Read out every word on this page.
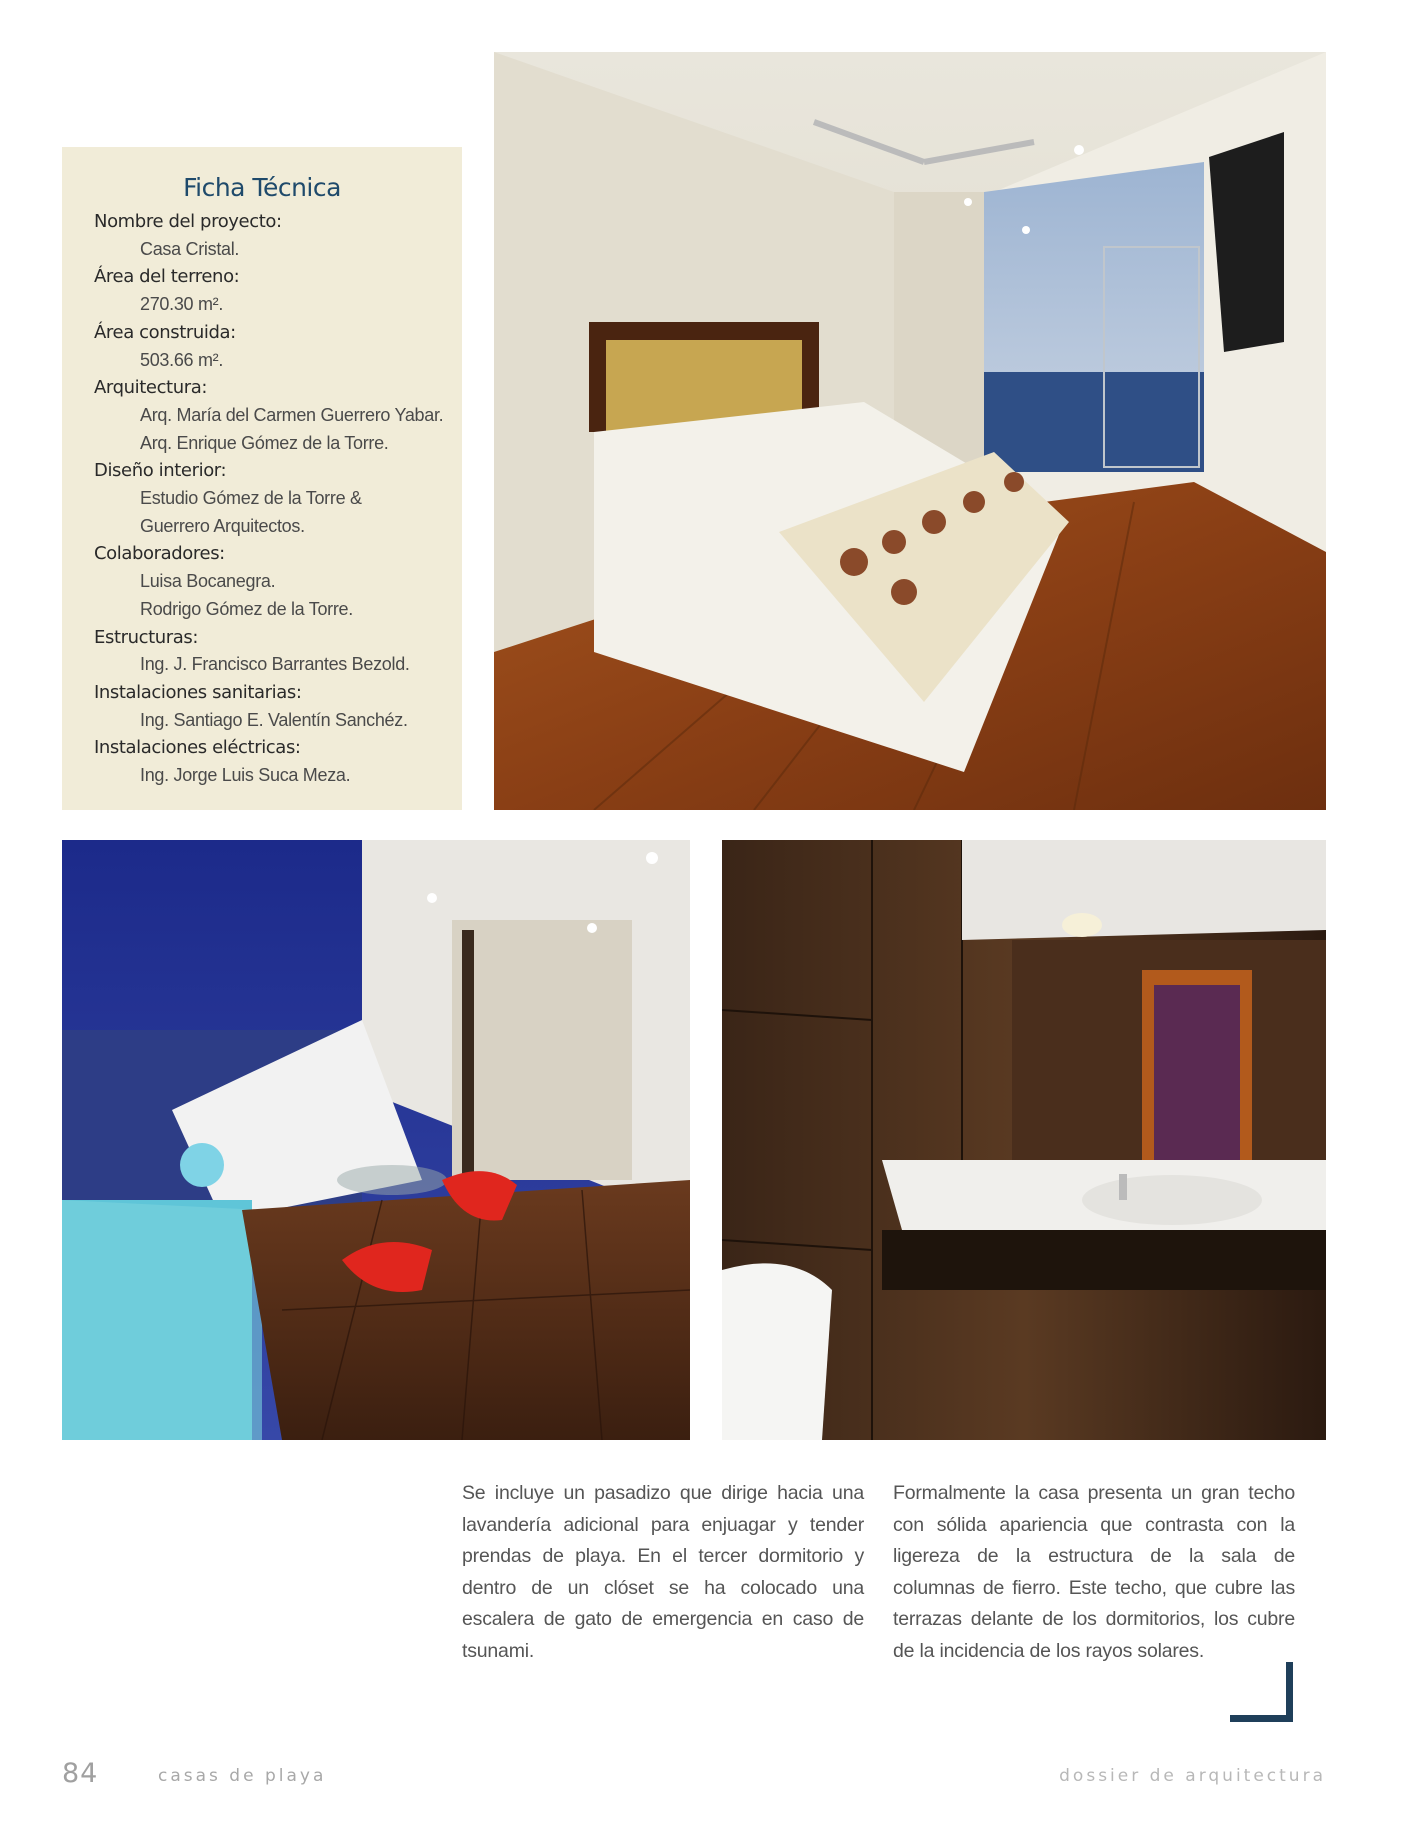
Ficha Técnica
Nombre del proyecto:
Casa Cristal.
Área del terreno:
270.30 m².
Área construida:
503.66 m².
Arquitectura:
Arq. María del Carmen Guerrero Yabar.
Arq. Enrique Gómez de la Torre.
Diseño interior:
Estudio Gómez de la Torre &
Guerrero Arquitectos.
Colaboradores:
Luisa Bocanegra.
Rodrigo Gómez de la Torre.
Estructuras:
Ing. J. Francisco Barrantes Bezold.
Instalaciones sanitarias:
Ing. Santiago E. Valentín Sanchéz.
Instalaciones eléctricas:
Ing. Jorge Luis Suca Meza.
Se incluye un pasadizo que dirige hacia una lavandería adicional para enjuagar y tender prendas de playa. En el tercer dormitorio y dentro de un clóset se ha colocado una escalera de gato de emergencia en caso de tsunami.
Formalmente la casa presenta un gran techo con sólida apariencia que contrasta con la ligereza de la estructura de la sala de columnas de fierro. Este techo, que cubre las terrazas delante de los dormitorios, los cubre de la incidencia de los rayos solares.
84	casas de playa	dossier de arquitectura
